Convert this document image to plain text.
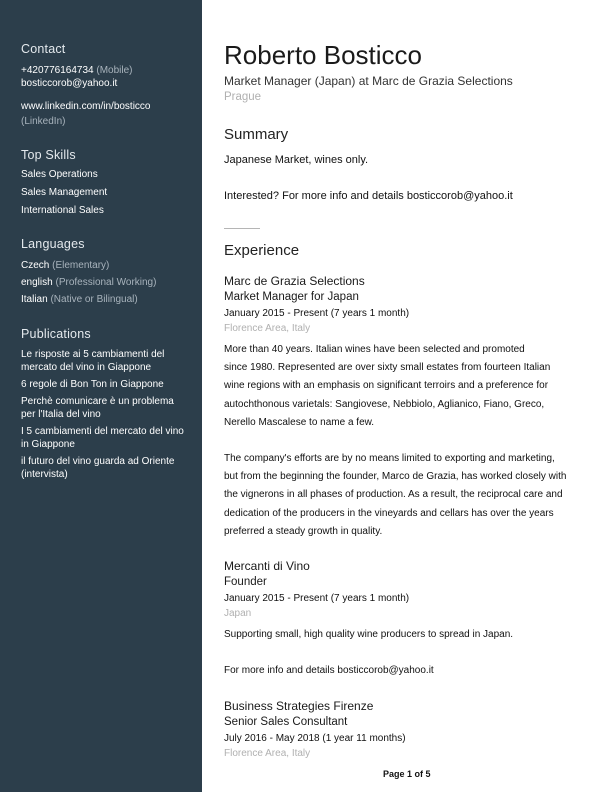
Contact
+420776164734 (Mobile)
bosticcorob@yahoo.it
www.linkedin.com/in/bosticco
(LinkedIn)
Top Skills
Sales Operations
Sales Management
International Sales
Languages
Czech (Elementary)
english (Professional Working)
Italian (Native or Bilingual)
Publications
Le risposte ai 5 cambiamenti del
mercato del vino in Giappone
6 regole di Bon Ton in Giappone
Perchè comunicare è un problema
per l'Italia del vino
I 5 cambiamenti del mercato del vino
in Giappone
il futuro del vino guarda ad Oriente
(intervista)
Roberto Bosticco
Market Manager (Japan) at Marc de Grazia Selections
Prague
Summary
Japanese Market, wines only.
Interested? For more info and details bosticcorob@yahoo.it
Experience
Marc de Grazia Selections
Market Manager for Japan
January 2015 - Present (7 years 1 month)
Florence Area, Italy
More than 40 years. Italian wines have been selected and promoted
since 1980. Represented are over sixty small estates from fourteen Italian
wine regions with an emphasis on significant terroirs and a preference for
autochthonous varietals: Sangiovese, Nebbiolo, Aglianico, Fiano, Greco,
Nerello Mascalese to name a few.
The company's efforts are by no means limited to exporting and marketing,
but from the beginning the founder, Marco de Grazia, has worked closely with
the vignerons in all phases of production. As a result, the reciprocal care and
dedication of the producers in the vineyards and cellars has over the years
preferred a steady growth in quality.
Mercanti di Vino
Founder
January 2015 - Present (7 years 1 month)
Japan
Supporting small, high quality wine producers to spread in Japan.
For more info and details bosticcorob@yahoo.it
Business Strategies Firenze
Senior Sales Consultant
July 2016 - May 2018 (1 year 11 months)
Florence Area, Italy
Page 1 of 5
